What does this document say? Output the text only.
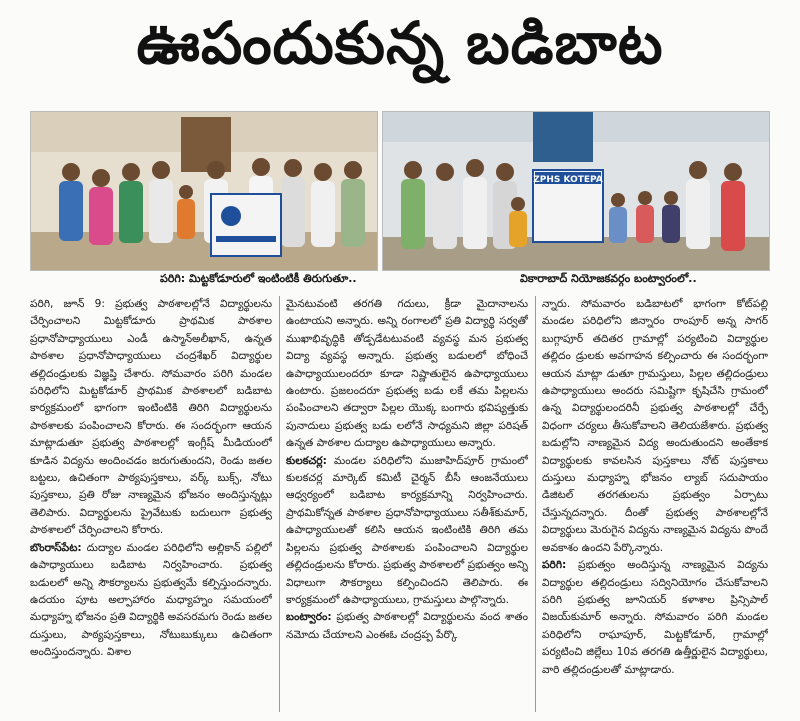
ఊపందుకున్న బడిబాట
ZPHS KOTEPA
పరిగి: మిట్టకోడూరులో ఇంటింటికీ తిరుగుతూ..	వికారాబాద్ నియోజకవర్గం బంట్వారంలో..

పరిగి, జూన్ 9: ప్రభుత్వ పాఠశాలల్లోనే విద్యార్థులను చేర్పించాలని మిట్టకోడూరు ప్రాథమిక పాఠశాల ప్రధానోపాధ్యాయులు ఎండీ ఉస్మాన్‌అలీఖాన్, ఉన్నత పాఠశాల ప్రధానోపాధ్యాయులు చంద్రశేఖర్ విద్యార్థుల తల్లిదండ్రులకు విజ్ఞప్తి చేశారు. సోమవారం పరిగి మండల పరిధిలోని మిట్టకోడూర్ ప్రాథమిక పాఠశాలలో బడిబాట కార్యక్రమంలో భాగంగా ఇంటింటికి తిరిగి విద్యార్థులను పాఠశాలకు పంపించాలని కోరారు. ఈ సందర్భంగా ఆయన మాట్లాడుతూ ప్రభుత్వ పాఠశాలల్లో ఇంగ్లీష్ మీడియంలో కూడిన విద్యను అందించడం జరుగుతుందని, రెండు జతల బట్టలు, ఉచితంగా పాఠ్యపుస్తకాలు, వర్క్ బుక్స్, నోటు పుస్తకాలు, ప్రతి రోజు నాణ్యమైన భోజనం అందిస్తున్నట్లు తెలిపారు. విద్యార్థులను ప్రైవేటుకు బదులుగా ప్రభుత్వ పాఠశాలలో చేర్పించాలని కోరారు.

బొంరాస్‌పేట: దుద్యాల మండల పరిధిలోని అల్లికాన్ పల్లిలో ఉపాధ్యాయులు బడిబాట నిర్వహించారు. ప్రభుత్వ బడులలో అన్ని సౌకర్యాలను ప్రభుత్వమే కల్పిస్తుందన్నారు. ఉదయం పూట అల్పాహారం మధ్యాహ్నం సమయంలో మధ్యాహ్న భోజనం ప్రతి విద్యార్థికి అవసరమగు రెండు జతల దుస్తులు, పాఠ్యపుస్తకాలు, నోటుబుక్కులు ఉచితంగా అందిస్తుందన్నారు. విశాల

మైనటువంటి తరగతి గదులు, క్రీడా మైదానాలను ఉంటాయని అన్నారు. అన్ని రంగాలలో ప్రతి విద్యార్థి సర్వతో ముఖాభివృద్ధికి తోడ్పడేటటువంటి వ్యవస్థ మన ప్రభుత్వ విద్యా వ్యవస్థ అన్నారు. ప్రభుత్వ బడులలో బోధించే ఉపాధ్యాయులందరూ కూడా నిష్ణాతులైన ఉపాధ్యాయులు ఉంటారు. ప్రజలందరూ ప్రభుత్వ బడు లకే తమ పిల్లలను పంపించాలని తద్వారా పిల్లల యొక్క బంగారు భవిష్యత్తుకు పునాదులు ప్రభుత్వ బడు లలోనే సాధ్యమని జిల్లా పరిషత్ ఉన్నత పాఠశాల దుద్యాల ఉపాధ్యాయులు అన్నారు.

కులకచర్ల: మండల పరిధిలోని ముజాహిద్‌పూర్ గ్రామంలో కులకచర్ల మార్కెట్ కమిటీ చైర్మన్ బీసీ ఆంజనేయులు ఆధ్వర్యంలో బడిబాట కార్యక్రమాన్ని నిర్వహించారు. ప్రాథమికోన్నత పాఠశాల ప్రధానోపాధ్యాయులు సతీశ్‌కుమార్, ఉపాధ్యాయులతో కలిసి ఆయన ఇంటింటికి తిరిగి తమ పిల్లలను ప్రభుత్వ పాఠశాలకు పంపించాలని విద్యార్థుల తల్లిదండ్రులను కోరారు. ప్రభుత్వ పాఠశాలలో ప్రభుత్వం అన్ని విధాలుగా సౌకర్యాలు కల్పించిందని తెలిపారు. ఈ కార్యక్రమంలో ఉపాధ్యాయులు, గ్రామస్తులు పాల్గొన్నారు.

బంట్వారం: ప్రభుత్వ పాఠశాలల్లో విద్యార్థులను వంద శాతం నమోదు చేయాలని ఎంఈఓ చంద్రప్ప పేర్కొ

న్నారు. సోమవారం బడిబాటలో భాగంగా కోట్‌పల్లి మండల పరిధిలోని జిన్నారం రాంపూర్ అన్న సాగర్ బుగ్గాపూర్ తదితర గ్రామాల్లో పర్యటించి విద్యార్థుల తల్లిదం డ్రులకు అవగాహన కల్పించారు ఈ సందర్భంగా ఆయన మాట్లా డుతూ గ్రామస్తులు, పిల్లల తల్లిదండ్రులు ఉపాధ్యాయులు అందరు సమిష్టిగా కృషిచేసి గ్రామంలో ఉన్న విద్యార్థులందరినీ ప్రభుత్వ పాఠశాలల్లో చేర్పే విధంగా చర్యలు తీసుకోవాలని తెలియజేశారు. ప్రభుత్వ బడుల్లోని నాణ్యమైన విద్య అందుతుందని అంతేకాక విద్యార్థులకు కావలసిన పుస్తకాలు నోట్ పుస్తకాలు దుస్తులు మధ్యాహ్న భోజనం ల్యాబ్ సదుపాయం డిజిటల్ తరగతులను ప్రభుత్వం ఏర్పాటు చేస్తున్నదన్నారు. దీంతో ప్రభుత్వ పాఠశాలల్లోనే విద్యార్థులు మెరుగైన విద్యను నాణ్యమైన విద్యను పొందే అవకాశం ఉందని పేర్కొన్నారు.

పరిగి: ప్రభుత్వం అందిస్తున్న నాణ్యమైన విద్యను విద్యార్థుల తల్లిదండ్రులు సద్వినియోగం చేసుకోవాలని పరిగి ప్రభుత్వ జూనియర్ కళాశాల ప్రిన్సిపాల్ విజయ్‌కుమార్ అన్నారు. సోమవారం పరిగి మండల పరిధిలోని రాఘాపూర్, మిట్టకోడూర్, గ్రామాల్లో పర్యటించి జిల్లేలు 10వ తరగతి ఉత్తీర్ణులైన విద్యార్థులు, వారి తల్లిదండ్రులతో మాట్లాడారు.
